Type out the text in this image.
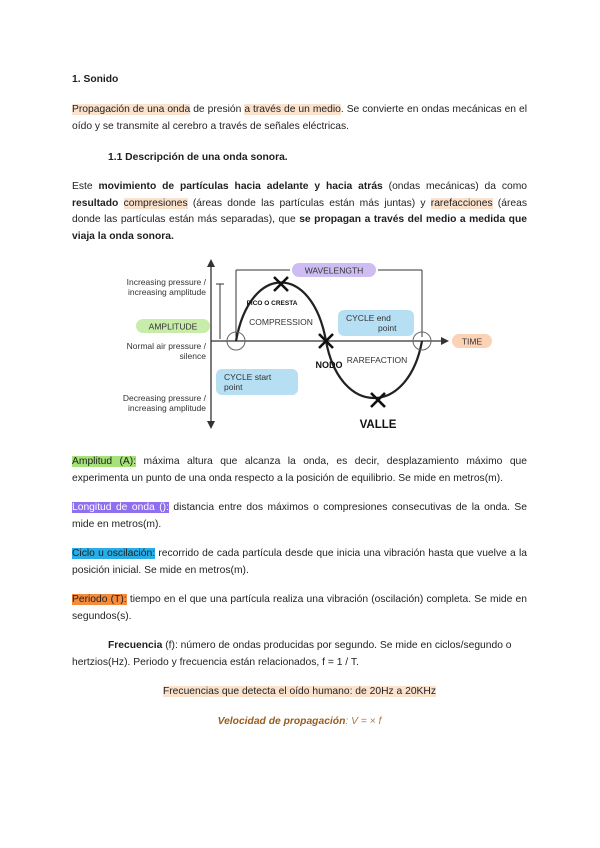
1. Sonido

Propagación de una onda de presión a través de un medio. Se convierte en ondas mecánicas en el oído y se transmite al cerebro a través de señales eléctricas.

1.1 Descripción de una onda sonora.

Este movimiento de partículas hacia adelante y hacia atrás (ondas mecánicas) da como resultado compresiones (áreas donde las partículas están más juntas) y rarefacciones (áreas donde las partículas están más separadas), que se propagan a través del medio a medida que viaja la onda sonora.

Increasing pressure /
increasing amplitude
Normal air pressure /
silence
Decreasing pressure /
increasing amplitude
AMPLITUDE
WAVELENGTH
TIME
COMPRESSION
RAREFACTION
CYCLE start
point
CYCLE end
point
PICO O CRESTA
NODO
VALLE

Amplitud (A): máxima altura que alcanza la onda, es decir, desplazamiento máximo que experimenta un punto de una onda respecto a la posición de equilibrio. Se mide en metros(m).

Longitud de onda (): distancia entre dos máximos o compresiones consecutivas de la onda. Se mide en metros(m).

Ciclo u oscilación: recorrido de cada partícula desde que inicia una vibración hasta que vuelve a la posición inicial. Se mide en metros(m).

Periodo (T): tiempo en el que una partícula realiza una vibración (oscilación) completa. Se mide en segundos(s).

Frecuencia (f): número de ondas producidas por segundo. Se mide en ciclos/segundo o hertzios(Hz). Periodo y frecuencia están relacionados, f = 1 / T.

Frecuencias que detecta el oído humano: de 20Hz a 20KHz
Velocidad de propagación: V = × f
